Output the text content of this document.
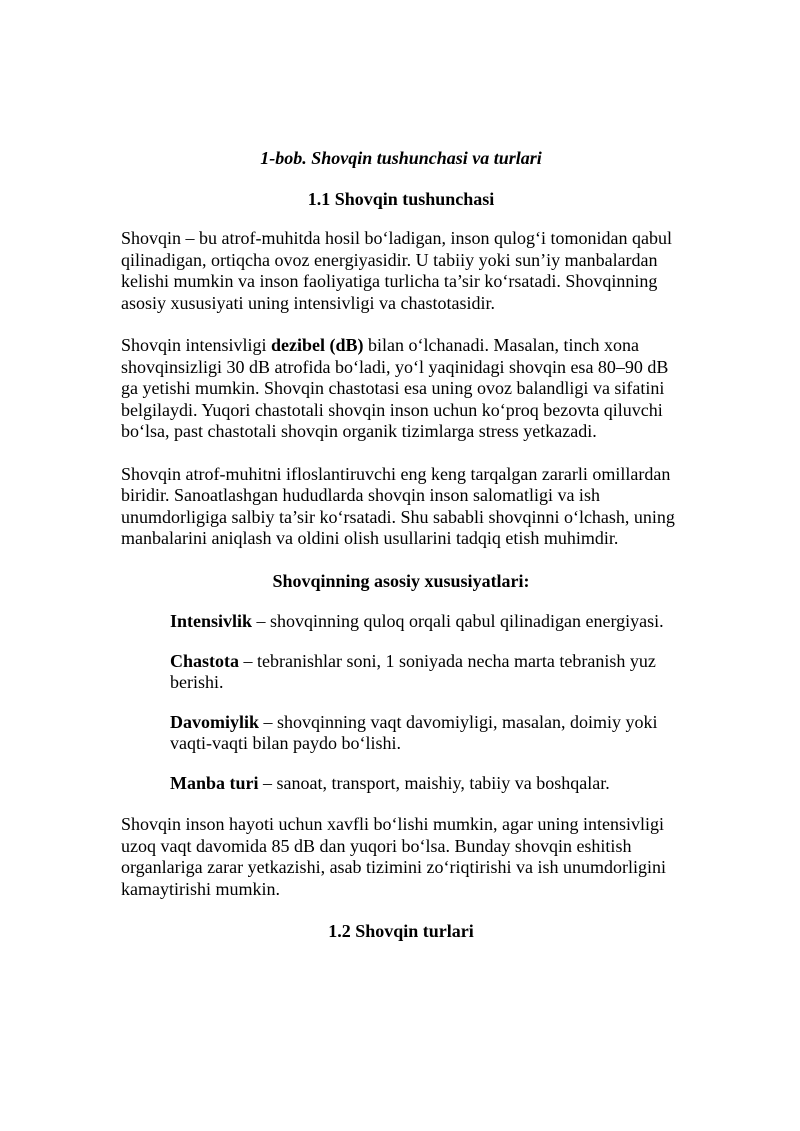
1-bob. Shovqin tushunchasi va turlari
1.1 Shovqin tushunchasi

Shovqin – bu atrof-muhitda hosil bo‘ladigan, inson qulog‘i tomonidan qabul qilinadigan, ortiqcha ovoz energiyasidir. U tabiiy yoki sun’iy manbalardan kelishi mumkin va inson faoliyatiga turlicha ta’sir ko‘rsatadi. Shovqinning asosiy xususiyati uning intensivligi va chastotasidir.

Shovqin intensivligi dezibel (dB) bilan o‘lchanadi. Masalan, tinch xona shovqinsizligi 30 dB atrofida bo‘ladi, yo‘l yaqinidagi shovqin esa 80–90 dB ga yetishi mumkin. Shovqin chastotasi esa uning ovoz balandligi va sifatini belgilaydi. Yuqori chastotali shovqin inson uchun ko‘proq bezovta qiluvchi bo‘lsa, past chastotali shovqin organik tizimlarga stress yetkazadi.

Shovqin atrof-muhitni ifloslantiruvchi eng keng tarqalgan zararli omillardan biridir. Sanoatlashgan hududlarda shovqin inson salomatligi va ish unumdorligiga salbiy ta’sir ko‘rsatadi. Shu sababli shovqinni o‘lchash, uning manbalarini aniqlash va oldini olish usullarini tadqiq etish muhimdir.

Shovqinning asosiy xususiyatlari:
Intensivlik – shovqinning quloq orqali qabul qilinadigan energiyasi.
Chastota – tebranishlar soni, 1 soniyada necha marta tebranish yuz berishi.
Davomiylik – shovqinning vaqt davomiyligi, masalan, doimiy yoki vaqti-vaqti bilan paydo bo‘lishi.
Manba turi – sanoat, transport, maishiy, tabiiy va boshqalar.

Shovqin inson hayoti uchun xavfli bo‘lishi mumkin, agar uning intensivligi uzoq vaqt davomida 85 dB dan yuqori bo‘lsa. Bunday shovqin eshitish organlariga zarar yetkazishi, asab tizimini zo‘riqtirishi va ish unumdorligini kamaytirishi mumkin.

1.2 Shovqin turlari
